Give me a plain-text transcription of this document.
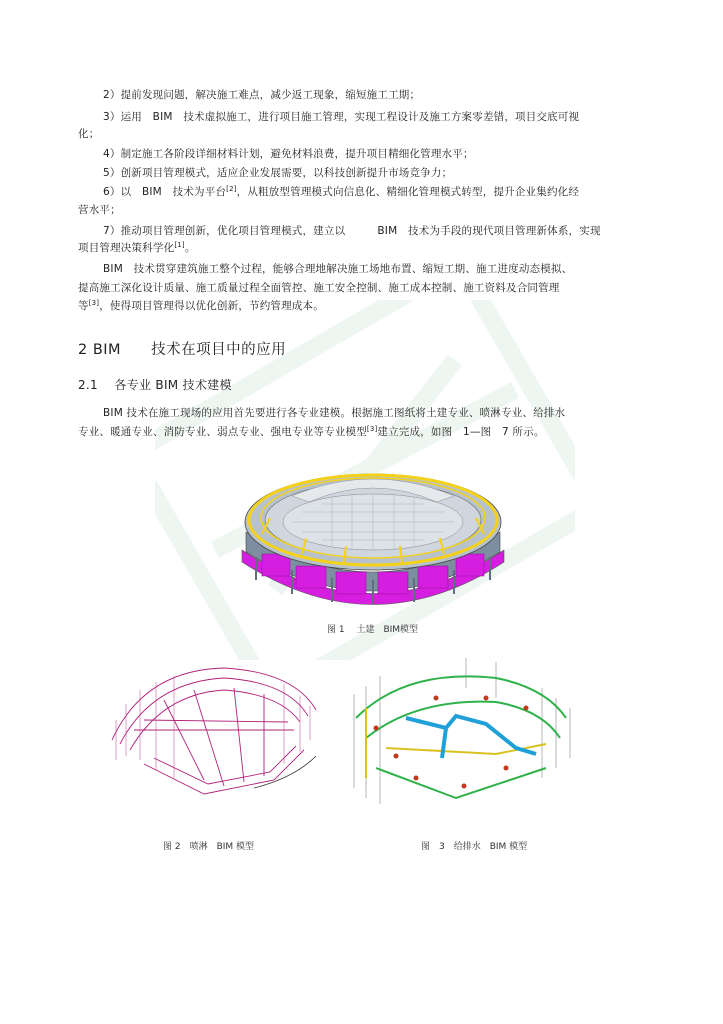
2）提前发现问题，解决施工难点，减少返工现象，缩短施工工期；
3）运用　BIM　技术虚拟施工，进行项目施工管理，实现工程设计及施工方案零差错，项目交底可视
化；
4）制定施工各阶段详细材料计划，避免材料浪费，提升项目精细化管理水平；
5）创新项目管理模式，适应企业发展需要，以科技创新提升市场竞争力；
6）以　BIM　技术为平台[2]，从粗放型管理模式向信息化、精细化管理模式转型，提升企业集约化经
营水平；
7）推动项目管理创新，优化项目管理模式，建立以　　　BIM　技术为手段的现代项目管理新体系，实现
项目管理决策科学化[1]。
BIM　技术贯穿建筑施工整个过程，能够合理地解决施工场地布置、缩短工期、施工进度动态模拟、
提高施工深化设计质量、施工质量过程全面管控、施工安全控制、施工成本控制、施工资料及合同管理
等[3]，使得项目管理得以优化创新，节约管理成本。
2 BIM　　技术在项目中的应用
2.1　 各专业 BIM 技术建模
BIM 技术在施工现场的应用首先要进行各专业建模。根据施工图纸将土建专业、喷淋专业、给排水
专业、暖通专业、消防专业、弱点专业、强电专业等专业模型[3]建立完成，如图　1—图　7 所示。
图 1　 土建　BIM模型
图 2　喷淋　BIM 模型	图　3　给排水　BIM 模型
